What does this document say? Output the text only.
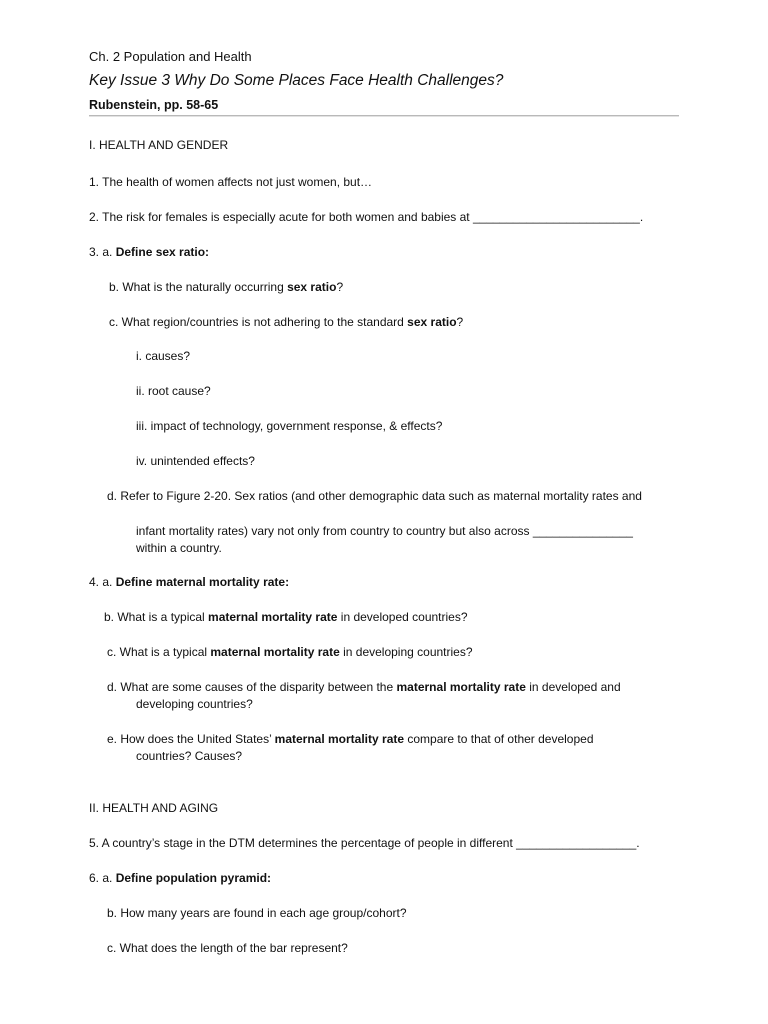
Ch. 2 Population and Health
Key Issue 3 Why Do Some Places Face Health Challenges?
Rubenstein, pp. 58-65
I. HEALTH AND GENDER
1. The health of women affects not just women, but…
2. The risk for females is especially acute for both women and babies at _________________________.
3. a. Define sex ratio:
b. What is the naturally occurring sex ratio?
c. What region/countries is not adhering to the standard sex ratio?
i. causes?
ii. root cause?
iii. impact of technology, government response, & effects?
iv. unintended effects?
d. Refer to Figure 2-20. Sex ratios (and other demographic data such as maternal mortality rates and
infant mortality rates) vary not only from country to country but also across _______________
within a country.
4. a. Define maternal mortality rate:
b. What is a typical maternal mortality rate in developed countries?
c. What is a typical maternal mortality rate in developing countries?
d. What are some causes of the disparity between the maternal mortality rate in developed and
developing countries?
e. How does the United States’ maternal mortality rate compare to that of other developed
countries? Causes?
II. HEALTH AND AGING
5. A country’s stage in the DTM determines the percentage of people in different __________________.
6. a. Define population pyramid:
b. How many years are found in each age group/cohort?
c. What does the length of the bar represent?
